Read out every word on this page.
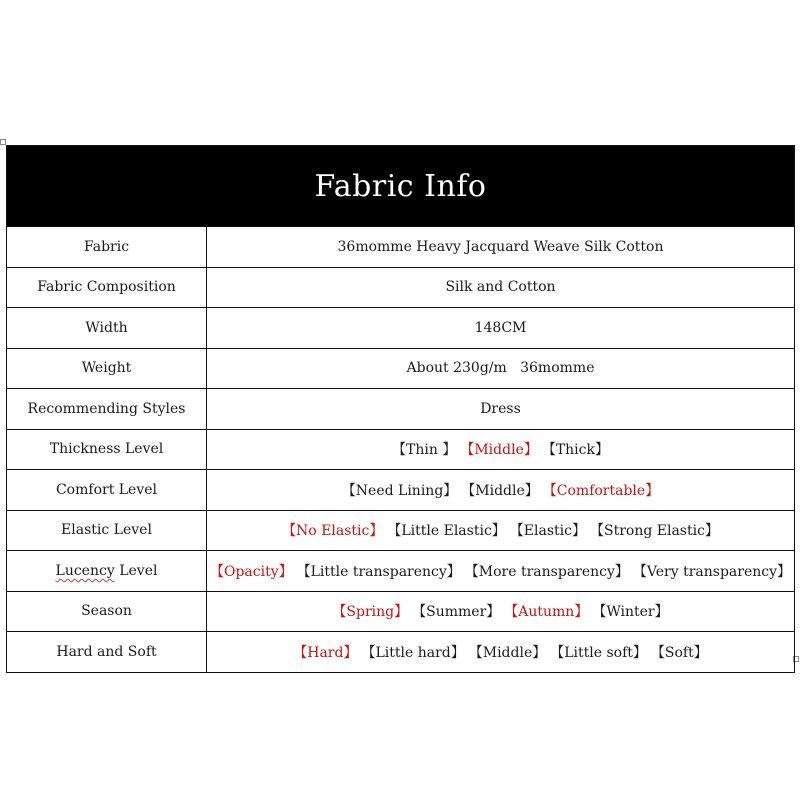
Fabric Info
Fabric	36momme Heavy Jacquard Weave Silk Cotton
Fabric Composition	Silk and Cotton
Width	148CM
Weight	About 230g/m   36momme
Recommending Styles	Dress
Thickness Level	【Thin 】 【Middle】 【Thick】
Comfort Level	【Need Lining】 【Middle】 【Comfortable】
Elastic Level	【No Elastic】 【Little Elastic】 【Elastic】 【Strong Elastic】
Lucency Level	【Opacity】 【Little transparency】 【More transparency】 【Very transparency】
Season	【Spring】 【Summer】 【Autumn】 【Winter】
Hard and Soft	【Hard】 【Little hard】 【Middle】 【Little soft】 【Soft】
